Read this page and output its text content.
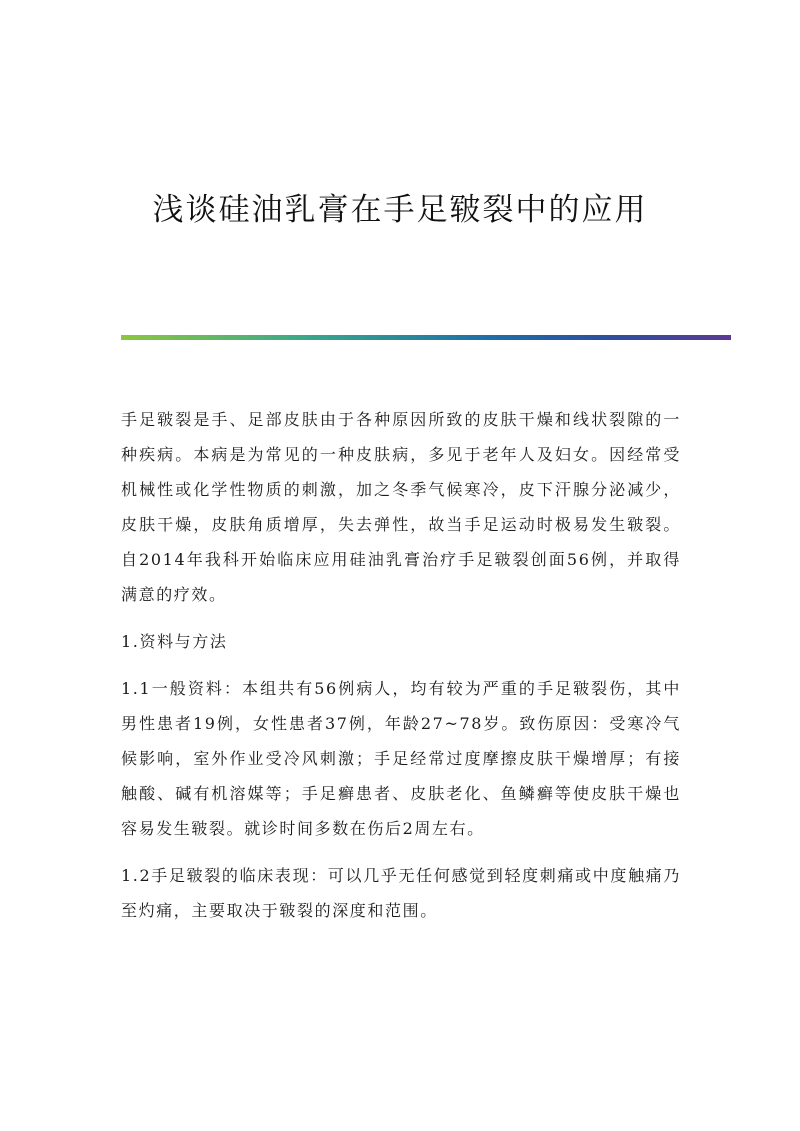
浅谈硅油乳膏在手足皲裂中的应用

手足皲裂是手、足部皮肤由于各种原因所致的皮肤干燥和线状裂隙的一种疾病。本病是为常见的一种皮肤病，多见于老年人及妇女。因经常受机械性或化学性物质的刺激，加之冬季气候寒冷，皮下汗腺分泌减少，皮肤干燥，皮肤角质增厚，失去弹性，故当手足运动时极易发生皲裂。自2014年我科开始临床应用硅油乳膏治疗手足皲裂创面56例，并取得满意的疗效。

1.资料与方法

1.1一般资料：本组共有56例病人，均有较为严重的手足皲裂伤，其中男性患者19例，女性患者37例，年龄27~78岁。致伤原因：受寒冷气候影响，室外作业受冷风刺激；手足经常过度摩擦皮肤干燥增厚；有接触酸、碱有机溶媒等；手足癣患者、皮肤老化、鱼鳞癣等使皮肤干燥也容易发生皲裂。就诊时间多数在伤后2周左右。

1.2手足皲裂的临床表现：可以几乎无任何感觉到轻度刺痛或中度触痛乃至灼痛，主要取决于皲裂的深度和范围。
